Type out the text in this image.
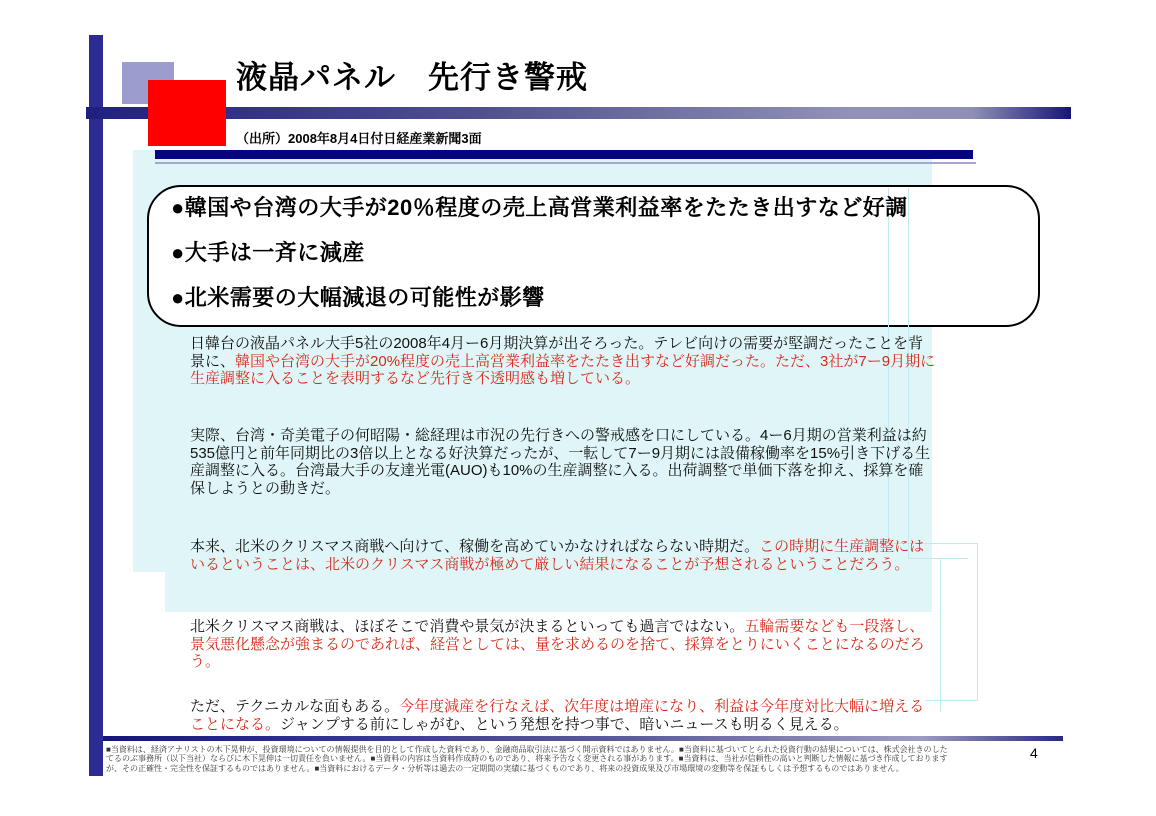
液晶パネル　先行き警戒
（出所）2008年8月4日付日経産業新聞3面
●韓国や台湾の大手が20％程度の売上高営業利益率をたたき出すなど好調
●大手は一斉に減産
●北米需要の大幅減退の可能性が影響
日韓台の液晶パネル大手5社の2008年4月ー6月期決算が出そろった。テレビ向けの需要が堅調だったことを背景に、韓国や台湾の大手が20%程度の売上高営業利益率をたたき出すなど好調だった。ただ、3社が7ー9月期に生産調整に入ることを表明するなど先行き不透明感も増している。
実際、台湾・奇美電子の何昭陽・総経理は市況の先行きへの警戒感を口にしている。4ー6月期の営業利益は約535億円と前年同期比の3倍以上となる好決算だったが、一転して7ー9月期には設備稼働率を15%引き下げる生産調整に入る。台湾最大手の友達光電(AUO)も10%の生産調整に入る。出荷調整で単価下落を抑え、採算を確保しようとの動きだ。
本来、北米のクリスマス商戦へ向けて、稼働を高めていかなければならない時期だ。この時期に生産調整にはいるということは、北米のクリスマス商戦が極めて厳しい結果になることが予想されるということだろう。
北米クリスマス商戦は、ほぼそこで消費や景気が決まるといっても過言ではない。五輪需要なども一段落し、景気悪化懸念が強まるのであれば、経営としては、量を求めるのを捨て、採算をとりにいくことになるのだろう。
ただ、テクニカルな面もある。今年度減産を行なえば、次年度は増産になり、利益は今年度対比大幅に増えることになる。ジャンプする前にしゃがむ、という発想を持つ事で、暗いニュースも明るく見える。
■当資料は、経済アナリストの木下晃伸が、投資環境についての情報提供を目的として作成した資料であり、金融商品取引法に基づく開示資料ではありません。■当資料に基づいてとられた投資行動の結果については、株式会社きのした
てるのぶ事務所（以下当社）ならびに木下晃伸は一切責任を負いません。■当資料の内容は当資料作成時のものであり、将来予告なく変更される事があります。■当資料は、当社が信頼性の高いと判断した情報に基づき作成しております
が、その正確性・完全性を保証するものではありません。■当資料におけるデータ・分析等は過去の一定期間の実績に基づくものであり、将来の投資成果及び市場環境の変動等を保証もしくは予想するものではありません。
4
